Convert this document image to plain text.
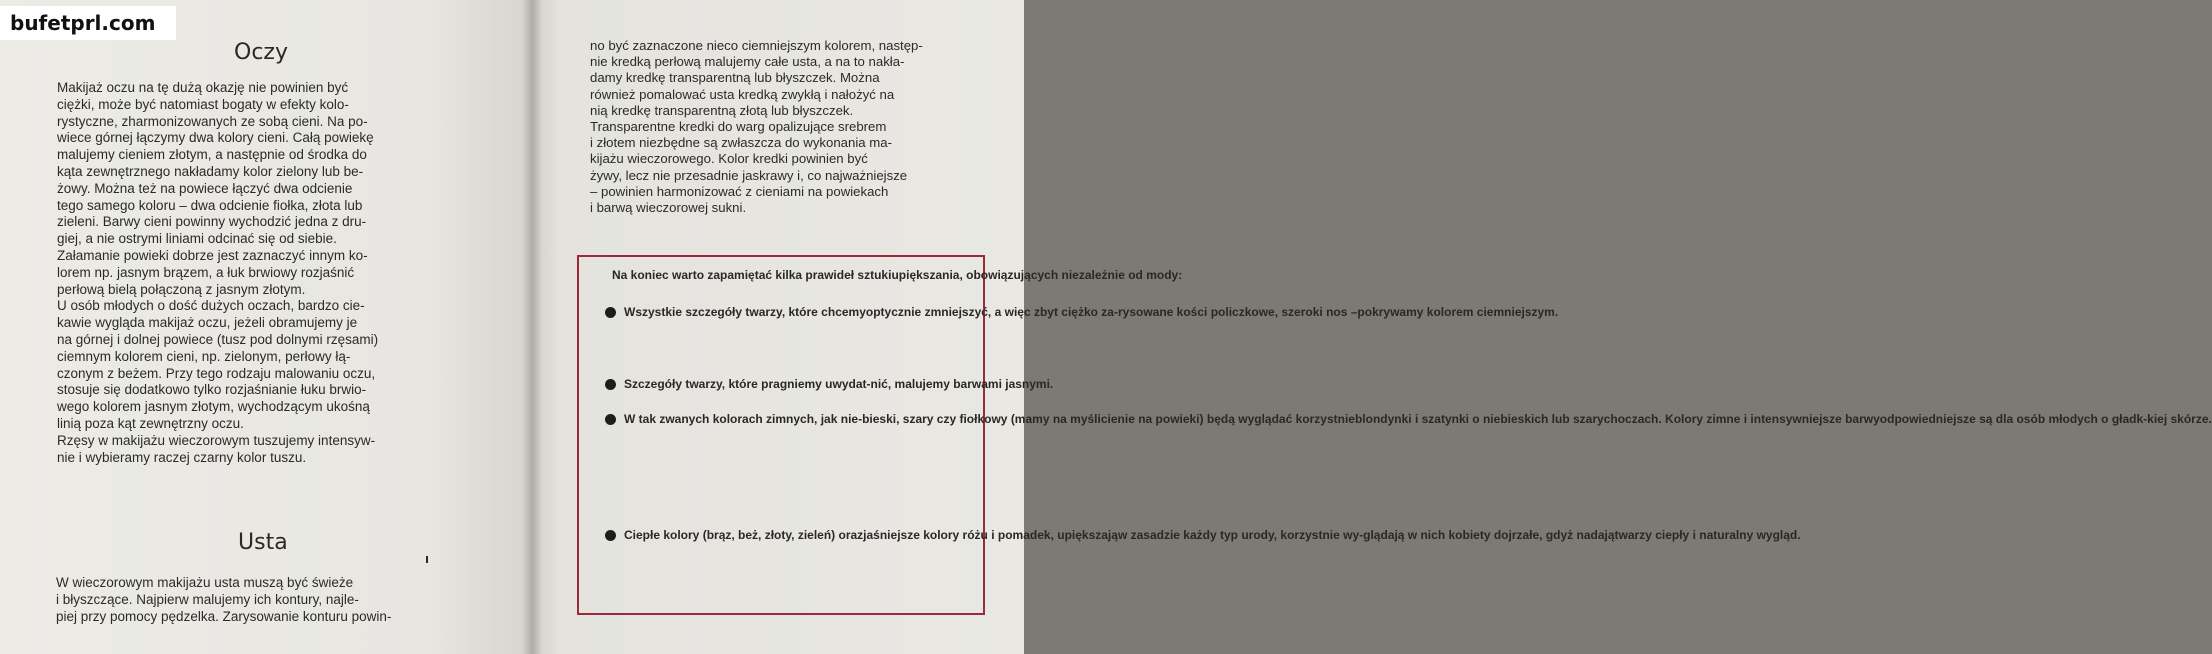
bufetprl.com
Oczy
Makijaż oczu na tę dużą okazję nie powinien być
ciężki, może być natomiast bogaty w efekty kolo-
rystyczne, zharmonizowanych ze sobą cieni. Na po-
wiece górnej łączymy dwa kolory cieni. Całą powiekę
malujemy cieniem złotym, a następnie od środka do
kąta zewnętrznego nakładamy kolor zielony lub be-
żowy. Można też na powiece łączyć dwa odcienie
tego samego koloru – dwa odcienie fiołka, złota lub
zieleni. Barwy cieni powinny wychodzić jedna z dru-
giej, a nie ostrymi liniami odcinać się od siebie.
Załamanie powieki dobrze jest zaznaczyć innym ko-
lorem np. jasnym brązem, a łuk brwiowy rozjaśnić
perłową bielą połączoną z jasnym złotym.
U osób młodych o dość dużych oczach, bardzo cie-
kawie wygląda makijaż oczu, jeżeli obramujemy je
na górnej i dolnej powiece (tusz pod dolnymi rzęsami)
ciemnym kolorem cieni, np. zielonym, perłowy łą-
czonym z beżem. Przy tego rodzaju malowaniu oczu,
stosuje się dodatkowo tylko rozjaśnianie łuku brwio-
wego kolorem jasnym złotym, wychodzącym ukośną
linią poza kąt zewnętrzny oczu.
Rzęsy w makijażu wieczorowym tuszujemy intensyw-
nie i wybieramy raczej czarny kolor tuszu.
Usta
W wieczorowym makijażu usta muszą być świeże
i błyszczące. Najpierw malujemy ich kontury, najle-
piej przy pomocy pędzelka. Zarysowanie konturu powin-
no być zaznaczone nieco ciemniejszym kolorem, następ-
nie kredką perłową malujemy całe usta, a na to nakła-
damy kredkę transparentną lub błyszczek. Można
również pomalować usta kredką zwykłą i nałożyć na
nią kredkę transparentną złotą lub błyszczek.
Transparentne kredki do warg opalizujące srebrem
i złotem niezbędne są zwłaszcza do wykonania ma-
kijażu wieczorowego. Kolor kredki powinien być
żywy, lecz nie przesadnie jaskrawy i, co najważniejsze
– powinien harmonizować z cieniami na powiekach
i barwą wieczorowej sukni.
Na koniec warto zapamiętać kilka prawideł sztukiupiększania, obowiązujących niezależnie od mody:
Wszystkie szczegóły twarzy, które chcemyoptycznie zmniejszyć, a więc zbyt ciężko za-rysowane kości policzkowe, szeroki nos –pokrywamy kolorem ciemniejszym.
Szczegóły twarzy, które pragniemy uwydat-nić, malujemy barwami jasnymi.
W tak zwanych kolorach zimnych, jak nie-bieski, szary czy fiołkowy (mamy na myślicienie na powieki) będą wyglądać korzystnieblondynki i szatynki o niebieskich lub szarychoczach. Kolory zimne i intensywniejsze barwyodpowiedniejsze są dla osób młodych o gładk-kiej skórze.
Ciepłe kolory (brąz, beż, złoty, zieleń) orazjaśniejsze kolory różu i pomadek, upiększająw zasadzie każdy typ urody, korzystnie wy-glądają w nich kobiety dojrzałe, gdyż nadajątwarzy ciepły i naturalny wygląd.
